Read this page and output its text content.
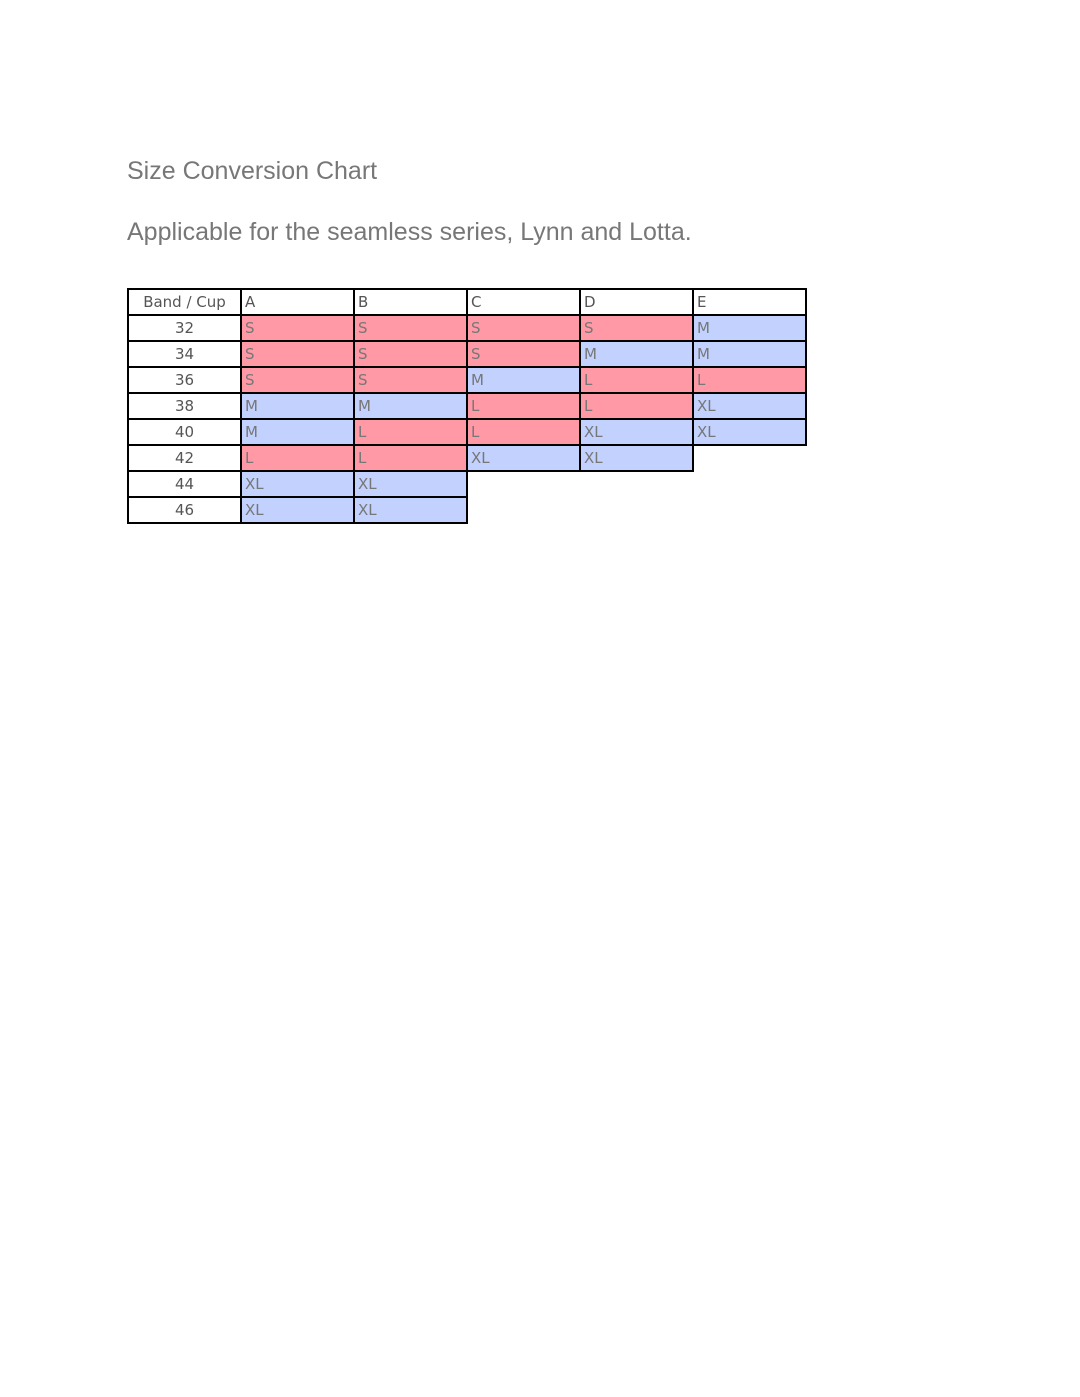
Size Conversion Chart
Applicable for the seamless series, Lynn and Lotta.
Band / Cup	A	B	C	D	E
32	S	S	S	S	M
34	S	S	S	M	M
36	S	S	M	L	L
38	M	M	L	L	XL
40	M	L	L	XL	XL
42	L	L	XL	XL	
44	XL	XL			
46	XL	XL			
